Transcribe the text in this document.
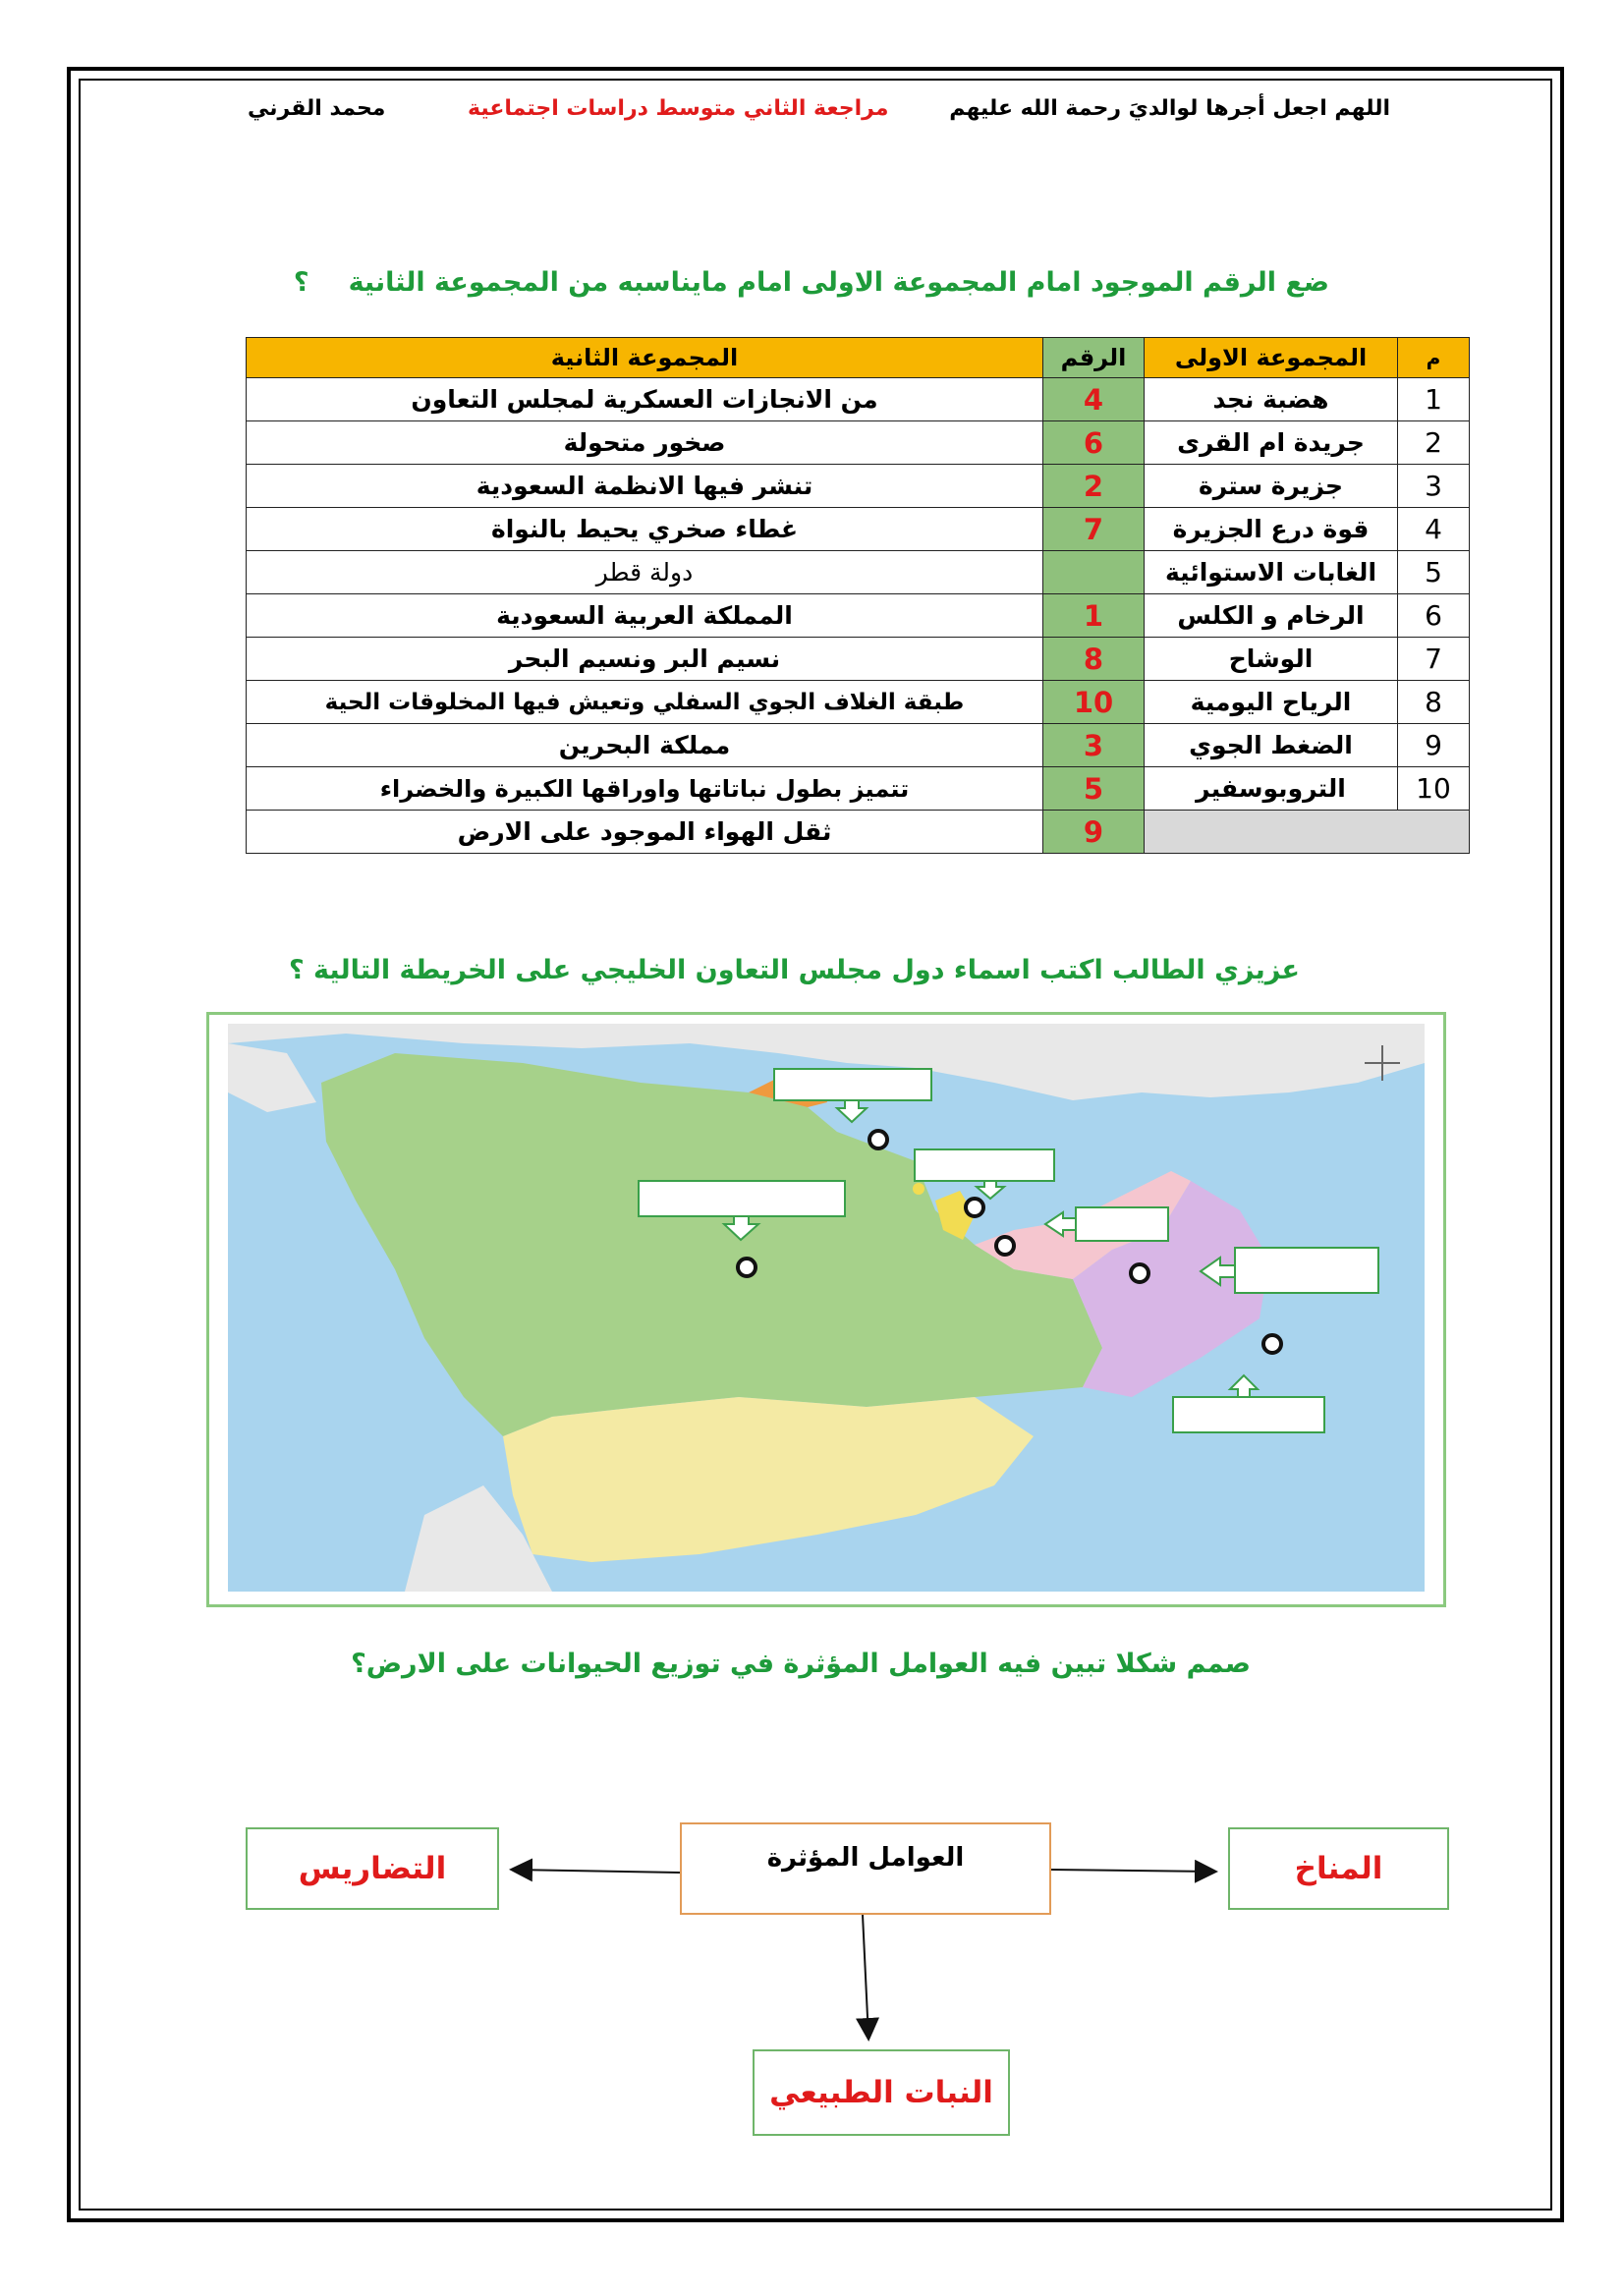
اللهم اجعل أجرها لوالديَ رحمة الله عليهم
مراجعة الثاني متوسط دراسات اجتماعية
محمد القرني
ضع الرقم الموجود امام المجموعة الاولى امام ماينا‌سبه من المجموعة الثانية؟
م	المجموعة الاولى	الرقم	المجموعة الثانية
1	هضبة نجد	4	من الانجازات العسكرية لمجلس التعاون
2	جريدة ام القرى	6	صخور متحولة
3	جزيرة سترة	2	تنشر فيها الانظمة السعودية
4	قوة درع الجزيرة	7	غطاء صخري يحيط بالنواة
5	الغابات الاستوائية		دولة قطر
6	الرخام و الكلس	1	المملكة العربية السعودية
7	الوشاح	8	نسيم البر ونسيم البحر
8	الرياح اليومية	10	طبقة الغلاف الجوي السفلي وتعيش فيها المخلوقات الحية
9	الضغط الجوي	3	مملكة البحرين
10	التروبوسفير	5	تتميز بطول نباتاتها واوراقها الكبيرة والخضراء
		9	ثقل الهواء الموجود على الارض
عزيزي الطالب اكتب اسماء دول مجلس التعاون الخليجي على الخريطة التالية ؟
صمم شكلا تبين فيه العوامل المؤثرة في توزيع الحيوانات على الارض؟
العوامل المؤثرة	المناخ
التضاريس
النبات الطبيعي
